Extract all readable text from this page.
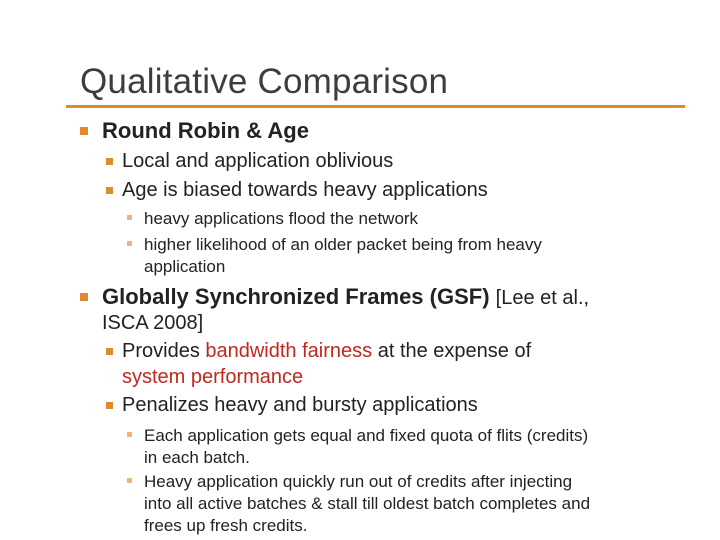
Qualitative Comparison
Round Robin & Age
Local and application oblivious
Age is biased towards heavy applications
heavy applications flood the network
higher likelihood of an older packet being from heavy
application
Globally Synchronized Frames (GSF) [Lee et al.,
ISCA 2008]
Provides bandwidth fairness at the expense of
system performance
Penalizes heavy and bursty applications
Each application gets equal and fixed quota of flits (credits)
in each batch.
Heavy application quickly run out of credits after injecting
into all active batches & stall till oldest batch completes and
frees up fresh credits.
